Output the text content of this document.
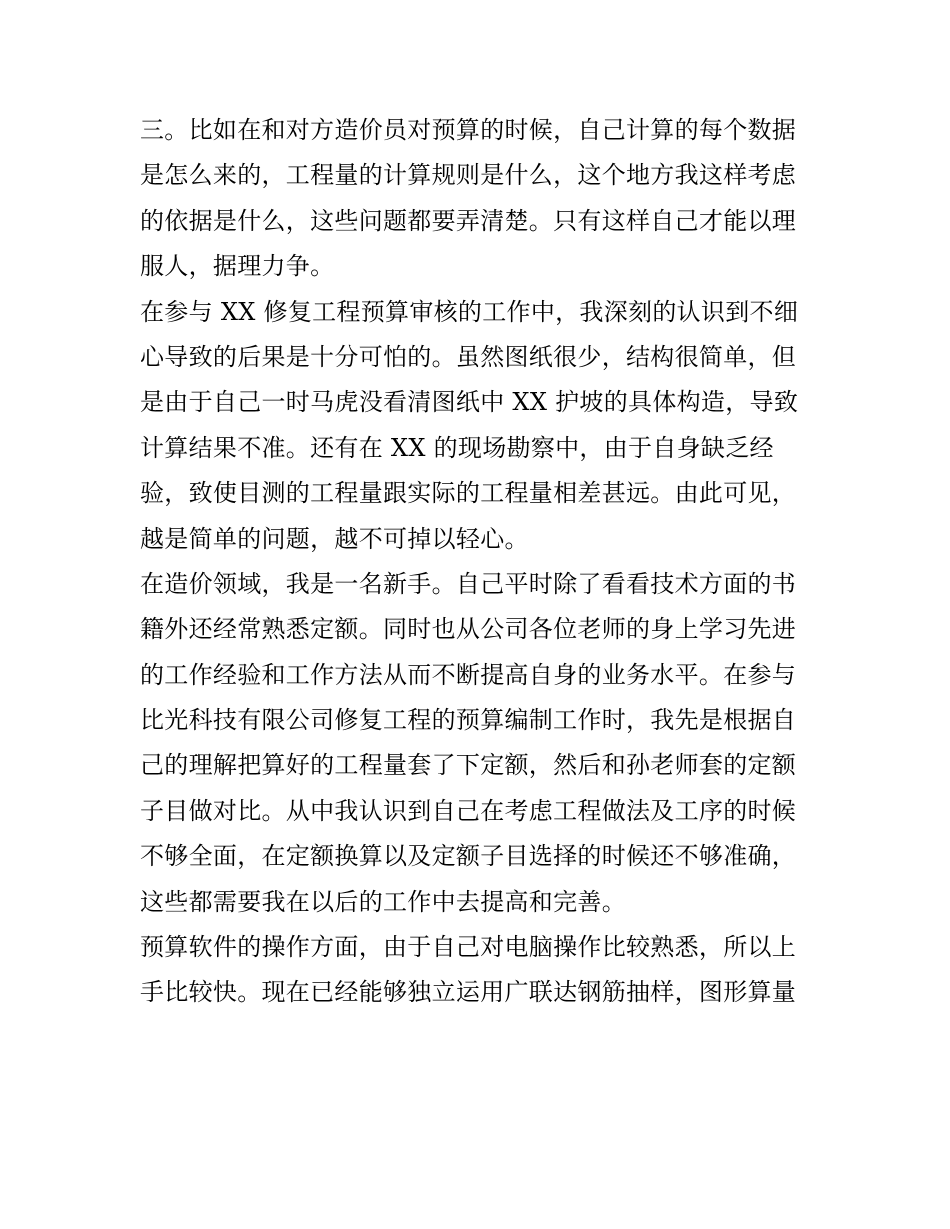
三。比如在和对方造价员对预算的时候，自己计算的每个数据
是怎么来的，工程量的计算规则是什么，这个地方我这样考虑
的依据是什么，这些问题都要弄清楚。只有这样自己才能以理
服人，据理力争。
在参与 XX 修复工程预算审核的工作中，我深刻的认识到不细
心导致的后果是十分可怕的。虽然图纸很少，结构很简单，但
是由于自己一时马虎没看清图纸中 XX 护坡的具体构造，导致
计算结果不准。还有在 XX 的现场勘察中，由于自身缺乏经
验，致使目测的工程量跟实际的工程量相差甚远。由此可见，
越是简单的问题，越不可掉以轻心。
在造价领域，我是一名新手。自己平时除了看看技术方面的书
籍外还经常熟悉定额。同时也从公司各位老师的身上学习先进
的工作经验和工作方法从而不断提高自身的业务水平。在参与
比光科技有限公司修复工程的预算编制工作时，我先是根据自
己的理解把算好的工程量套了下定额，然后和孙老师套的定额
子目做对比。从中我认识到自己在考虑工程做法及工序的时候
不够全面，在定额换算以及定额子目选择的时候还不够准确，
这些都需要我在以后的工作中去提高和完善。
预算软件的操作方面，由于自己对电脑操作比较熟悉，所以上
手比较快。现在已经能够独立运用广联达钢筋抽样，图形算量
